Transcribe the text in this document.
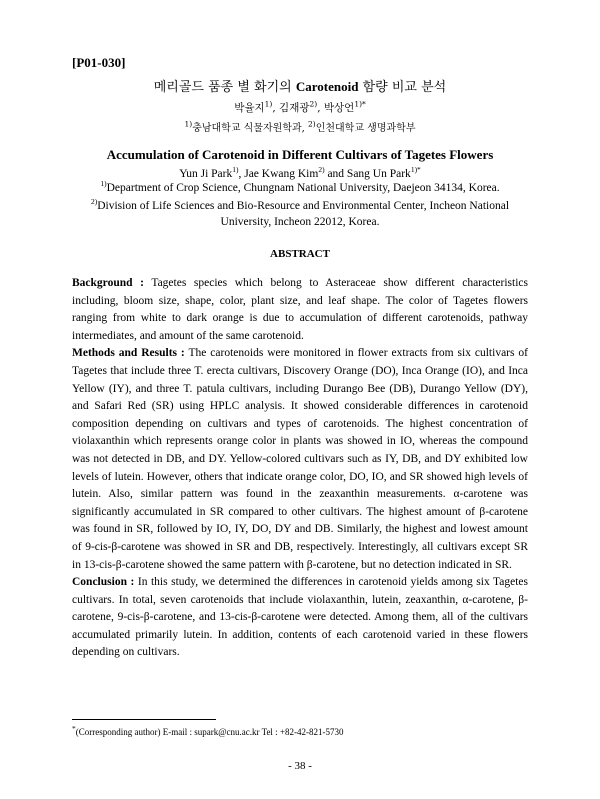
[P01-030]
메리골드 품종 별 화기의 Carotenoid 함량 비교 분석
박율지$^{1)}$, 김재광$^{2)}$, 박상언$^{1)*}$
$^{1)}$충남대학교 식물자원학과, $^{2)}$인천대학교 생명과학부
Accumulation of Carotenoid in Different Cultivars of Tagetes Flowers
Yun Ji Park$^{1)}$, Jae Kwang Kim$^{2)}$ and Sang Un Park$^{1)*}$
$^{1)}$Department of Crop Science, Chungnam National University, Daejeon 34134, Korea.
$^{2)}$Division of Life Sciences and Bio-Resource and Environmental Center, Incheon National University, Incheon 22012, Korea.
ABSTRACT

Background : Tagetes species which belong to Asteraceae show different characteristics including, bloom size, shape, color, plant size, and leaf shape. The color of Tagetes flowers ranging from white to dark orange is due to accumulation of different carotenoids, pathway intermediates, and amount of the same carotenoid.

Methods and Results : The carotenoids were monitored in flower extracts from six cultivars of Tagetes that include three T. erecta cultivars, Discovery Orange (DO), Inca Orange (IO), and Inca Yellow (IY), and three T. patula cultivars, including Durango Bee (DB), Durango Yellow (DY), and Safari Red (SR) using HPLC analysis. It showed considerable differences in carotenoid composition depending on cultivars and types of carotenoids. The highest concentration of violaxanthin which represents orange color in plants was showed in IO, whereas the compound was not detected in DB, and DY. Yellow-colored cultivars such as IY, DB, and DY exhibited low levels of lutein. However, others that indicate orange color, DO, IO, and SR showed high levels of lutein. Also, similar pattern was found in the zeaxanthin measurements. α-carotene was significantly accumulated in SR compared to other cultivars. The highest amount of β-carotene was found in SR, followed by IO, IY, DO, DY and DB. Similarly, the highest and lowest amount of 9-cis-β-carotene was showed in SR and DB, respectively. Interestingly, all cultivars except SR in 13-cis-β-carotene showed the same pattern with β-carotene, but no detection indicated in SR.

Conclusion : In this study, we determined the differences in carotenoid yields among six Tagetes cultivars. In total, seven carotenoids that include violaxanthin, lutein, zeaxanthin, α-carotene, β-carotene, 9-cis-β-carotene, and 13-cis-β-carotene were detected. Among them, all of the cultivars accumulated primarily lutein. In addition, contents of each carotenoid varied in these flowers depending on cultivars.

*(Corresponding author) E-mail : supark@cnu.ac.kr Tel : +82-42-821-5730
- 38 -
